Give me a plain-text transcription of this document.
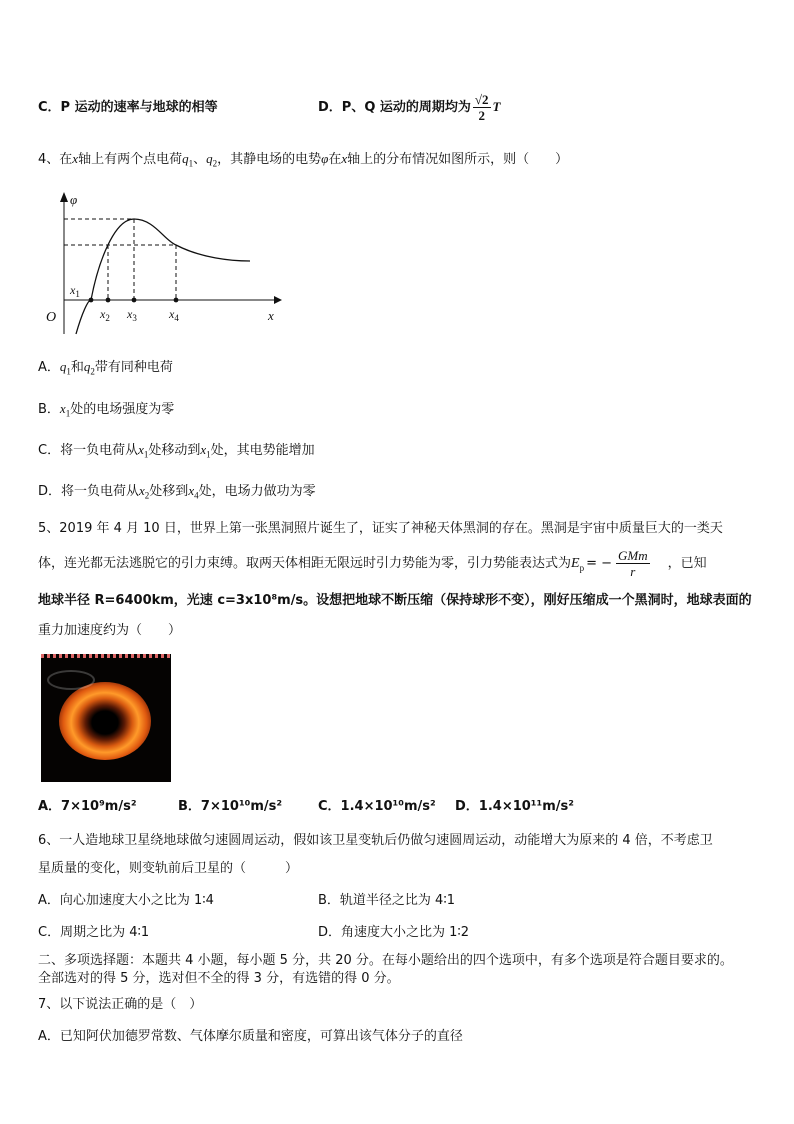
C．P 运动的速率与地球的相等	D．P、Q 运动的周期均为 $\frac{√2}{2}$ T
4、在x轴上有两个点电荷$q_1$、$q_2$，其静电场的电势φ在x轴上的分布情况如图所示，则（　　）
φ
x
O
$x_1$
$x_2$ $x_3$	$x_4$
A．$q_1$和$q_2$带有同种电荷
B．$x_1$处的电场强度为零
C．将一负电荷从$x_1$处移动到$x_1$处，其电势能增加
D．将一负电荷从$x_2$处移到$x_4$处，电场力做功为零
5、2019 年 4 月 10 日，世界上第一张黑洞照片诞生了，证实了神秘天体黑洞的存在。黑洞是宇宙中质量巨大的一类天
体，连光都无法逃脱它的引力束缚。取两天体相距无限远时引力势能为零，引力势能表达式为$E_p$ = − $\frac{\text{GMm}}{r}$ ，已知
地球半径 R=6400km，光速 c=3x10⁸m/s。设想把地球不断压缩（保持球形不变），刚好压缩成一个黑洞时，地球表面的
重力加速度约为（　　）
A．7×10⁹m/s²	B．7×10¹⁰m/s²	C．1.4×10¹⁰m/s² D．1.4×10¹¹m/s²
6、一人造地球卫星绕地球做匀速圆周运动，假如该卫星变轨后仍做匀速圆周运动，动能增大为原来的 4 倍，不考虑卫
星质量的变化，则变轨前后卫星的（　　　）
A．向心加速度大小之比为 1∶4	B．轨道半径之比为 4∶1
C．周期之比为 4∶1	D．角速度大小之比为 1∶2
二、多项选择题：本题共 4 小题，每小题 5 分，共 20 分。在每小题给出的四个选项中，有多个选项是符合题目要求的。
全部选对的得 5 分，选对但不全的得 3 分，有选错的得 0 分。
7、以下说法正确的是（　）
A．已知阿伏加德罗常数、气体摩尔质量和密度，可算出该气体分子的直径
